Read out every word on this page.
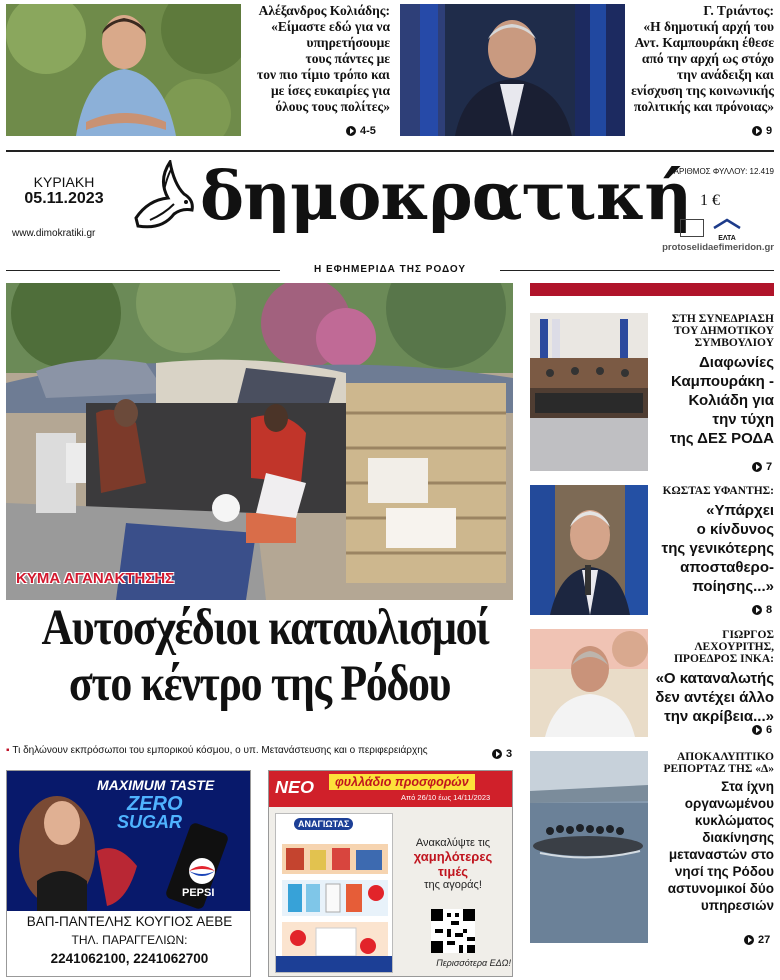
Αλέξανδρος Κολιάδης:
«Είμαστε εδώ για να
υπηρετήσουμε
τους πάντες με
τον πιο τίμιο τρόπο και
με ίσες ευκαιρίες για
όλους τους πολίτες»
4-5
Γ. Τριάντος:
«Η δημοτική αρχή του
Αντ. Καμπουράκη έθεσε
από την αρχή ως στόχο
την ανάδειξη και
ενίσχυση της κοινωνικής
πολιτικής και πρόνοιας»
9
ΚΥΡΙΑΚΗ
05.11.2023
www.dimokratiki.gr δημοκρατική
ΑΡΙΘΜΟΣ ΦΥΛΛΟΥ: 12.419
1 €
ΕΛΤΑ
protoselidaefimeridon.gr
Η ΕΦΗΜΕΡΙΔΑ ΤΗΣ ΡΟΔΟΥ
ΚΥΜΑ ΑΓΑΝΑΚΤΗΣΗΣ
Αυτοσχέδιοι καταυλισμοί
στο κέντρο της Ρόδου
▪ Τι δηλώνουν εκπρόσωποι του εμπορικού κόσμου, ο υπ. Μετανάστευσης και ο περιφερειάρχης	3
MAXIMUM TASTE
ZERO
SUGAR
PEPSI
ΒΑΠ-ΠΑΝΤΕΛΗΣ ΚΟΥΓΙΟΣ ΑΕΒΕ
ΤΗΛ. ΠΑΡΑΓΓΕΛΙΩΝ:
2241062100, 2241062700
ΝΕΟ	φυλλάδιο προσφορών
Από 26/10 έως 14/11/2023
ΑΝΑΓΙΩΤΑΣ
Ανακαλύψτε τις
χαμηλότερες
τιμές
της αγοράς!
Περισσότερα ΕΔΩ!
ΣΤΗ ΣΥΝΕΔΡΙΑΣΗ
ΤΟΥ ΔΗΜΟΤΙΚΟΥ
ΣΥΜΒΟΥΛΙΟΥ
Διαφωνίες
Καμπουράκη -
Κολιάδη για
την τύχη
της ΔΕΣ ΡΟΔΑ
7
ΚΩΣΤΑΣ ΥΦΑΝΤΗΣ:
«Υπάρχει
ο κίνδυνος
της γενικότερης
αποσταθερο-
ποίησης...»
8
ΓΙΩΡΓΟΣ ΛΕΧΟΥΡΙΤΗΣ,
ΠΡΟΕΔΡΟΣ ΙΝΚΑ:
«Ο καταναλωτής
δεν αντέχει άλλο
την ακρίβεια...»
6
ΑΠΟΚΑΛΥΠΤΙΚΟ
ΡΕΠΟΡΤΑΖ ΤΗΣ «Δ»
Στα ίχνη
οργανωμένου
κυκλώματος
διακίνησης
μεταναστών στο
νησί της Ρόδου
αστυνομικοί δύο
υπηρεσιών
27
